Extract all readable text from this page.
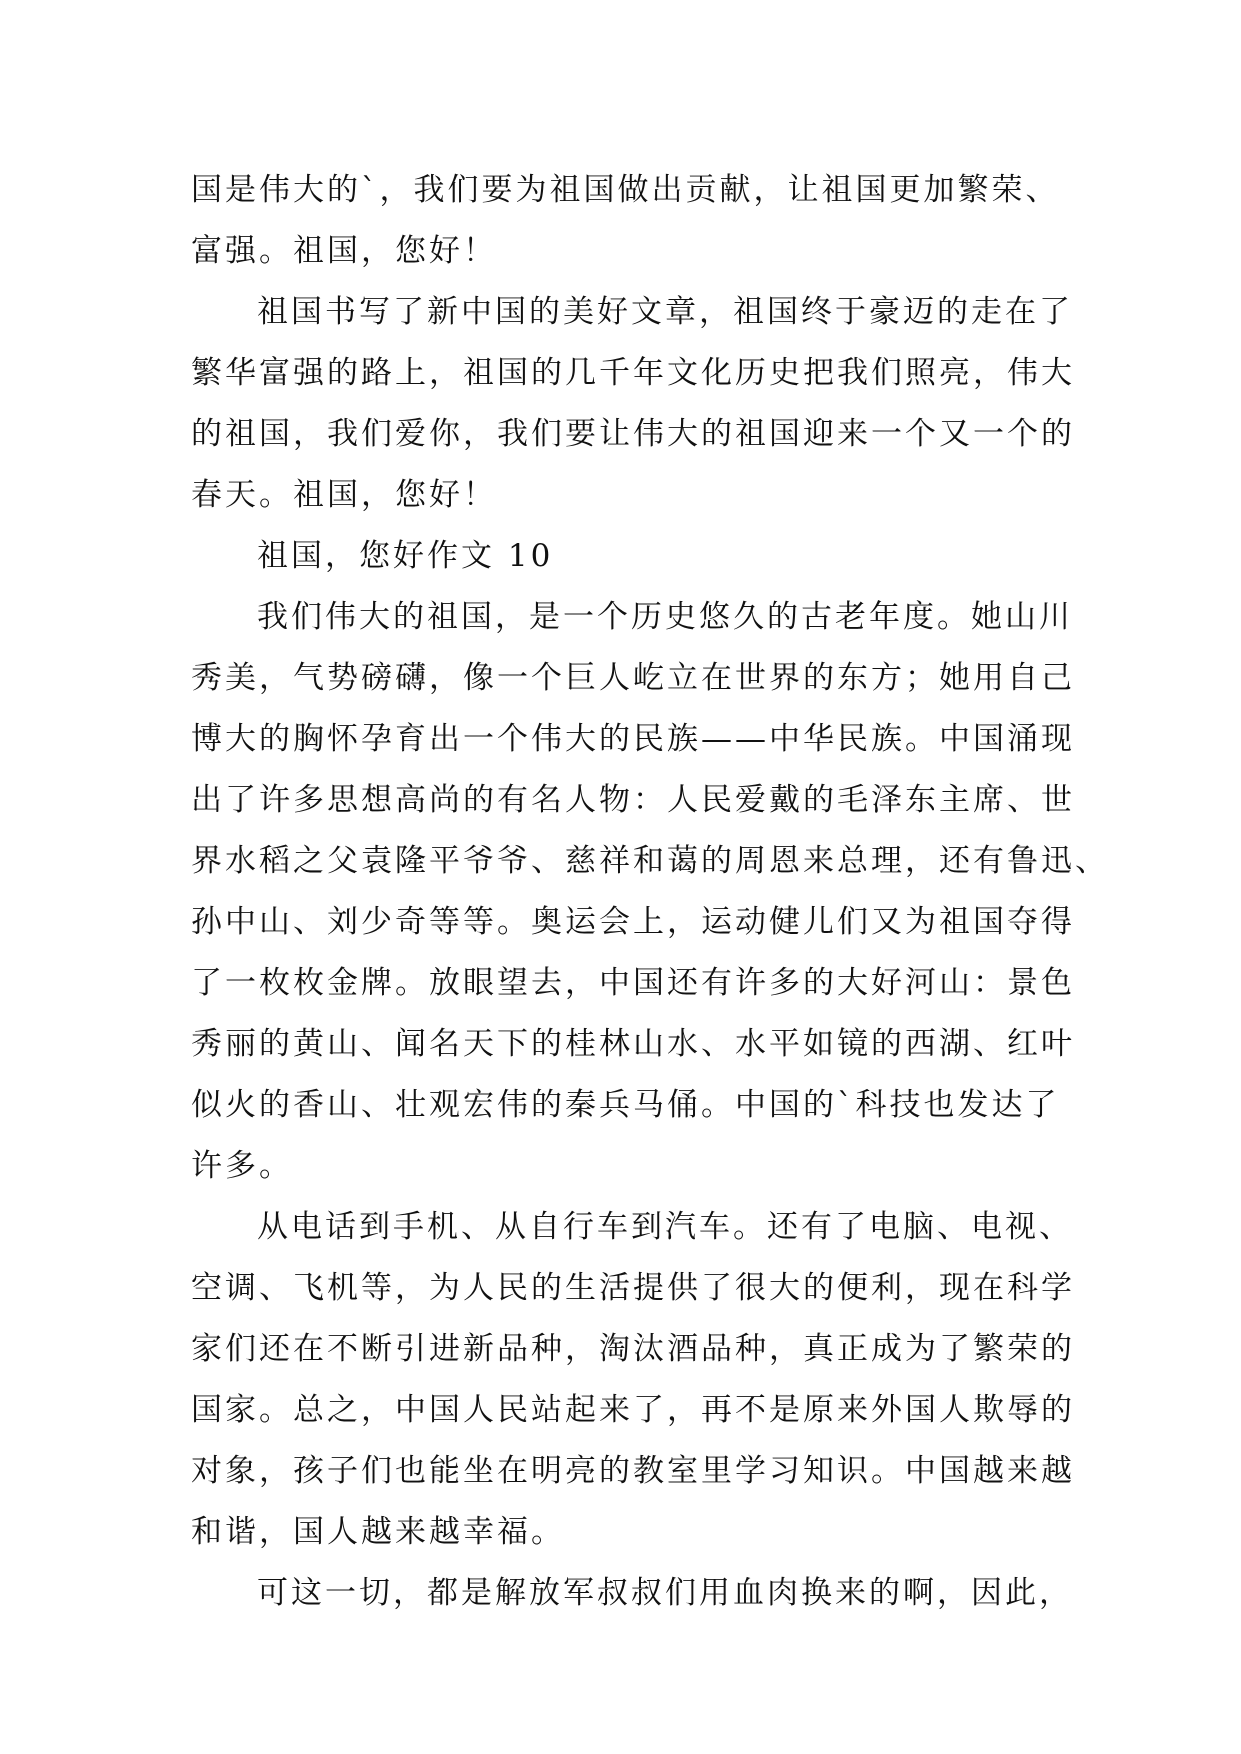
国是伟大的`，我们要为祖国做出贡献，让祖国更加繁荣、
富强。祖国，您好！
祖国书写了新中国的美好文章，祖国终于豪迈的走在了
繁华富强的路上，祖国的几千年文化历史把我们照亮，伟大
的祖国，我们爱你，我们要让伟大的祖国迎来一个又一个的
春天。祖国，您好！
祖国，您好作文 10
我们伟大的祖国，是一个历史悠久的古老年度。她山川
秀美，气势磅礴，像一个巨人屹立在世界的东方；她用自己
博大的胸怀孕育出一个伟大的民族——中华民族。中国涌现
出了许多思想高尚的有名人物：人民爱戴的毛泽东主席、世
界水稻之父袁隆平爷爷、慈祥和蔼的周恩来总理，还有鲁迅、
孙中山、刘少奇等等。奥运会上，运动健儿们又为祖国夺得
了一枚枚金牌。放眼望去，中国还有许多的大好河山：景色
秀丽的黄山、闻名天下的桂林山水、水平如镜的西湖、红叶
似火的香山、壮观宏伟的秦兵马俑。中国的`科技也发达了
许多。
从电话到手机、从自行车到汽车。还有了电脑、电视、
空调、飞机等，为人民的生活提供了很大的便利，现在科学
家们还在不断引进新品种，淘汰酒品种，真正成为了繁荣的
国家。总之，中国人民站起来了，再不是原来外国人欺辱的
对象，孩子们也能坐在明亮的教室里学习知识。中国越来越
和谐，国人越来越幸福。
可这一切，都是解放军叔叔们用血肉换来的啊，因此，
